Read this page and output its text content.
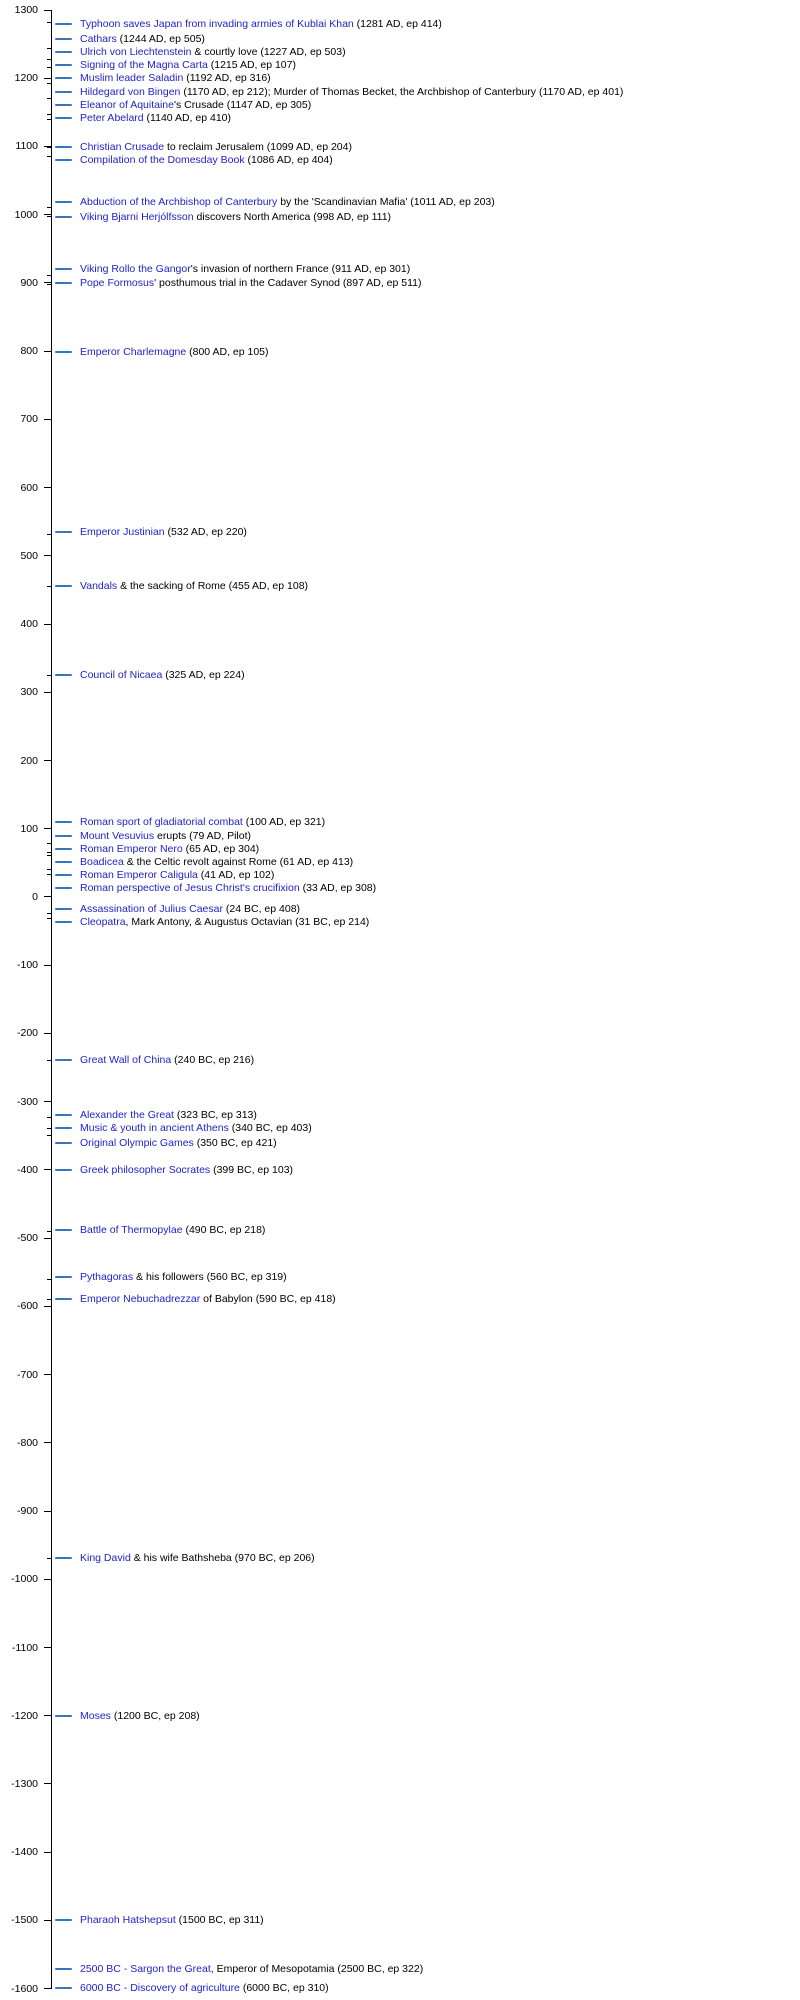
1300
1200
1100
1000
900
800
700
600
500
400
300
200
100
0
-100
-200
-300
-400
-500
-600
-700
-800
-900
-1000
-1100
-1200
-1300
-1400
-1500
-1600
Typhoon saves Japan from invading armies of Kublai Khan (1281 AD, ep 414)
Cathars (1244 AD, ep 505)
Ulrich von Liechtenstein & courtly love (1227 AD, ep 503)
Signing of the Magna Carta (1215 AD, ep 107)
Muslim leader Saladin (1192 AD, ep 316)
Hildegard von Bingen (1170 AD, ep 212); Murder of Thomas Becket, the Archbishop of Canterbury (1170 AD, ep 401)
Eleanor of Aquitaine's Crusade (1147 AD, ep 305)
Peter Abelard (1140 AD, ep 410)
Christian Crusade to reclaim Jerusalem (1099 AD, ep 204)
Compilation of the Domesday Book (1086 AD, ep 404)
Abduction of the Archbishop of Canterbury by the 'Scandinavian Mafia' (1011 AD, ep 203)
Viking Bjarni Herjólfsson discovers North America (998 AD, ep 111)
Viking Rollo the Gangor's invasion of northern France (911 AD, ep 301)
Pope Formosus' posthumous trial in the Cadaver Synod (897 AD, ep 511)
Emperor Charlemagne (800 AD, ep 105)
Emperor Justinian (532 AD, ep 220)
Vandals & the sacking of Rome (455 AD, ep 108)
Council of Nicaea (325 AD, ep 224)
Roman sport of gladiatorial combat (100 AD, ep 321)
Mount Vesuvius erupts (79 AD, Pilot)
Roman Emperor Nero (65 AD, ep 304)
Boadicea & the Celtic revolt against Rome (61 AD, ep 413)
Roman Emperor Caligula (41 AD, ep 102)
Roman perspective of Jesus Christ's crucifixion (33 AD, ep 308)
Assassination of Julius Caesar (24 BC, ep 408)
Cleopatra, Mark Antony, & Augustus Octavian (31 BC, ep 214)
Great Wall of China (240 BC, ep 216)
Alexander the Great (323 BC, ep 313)
Music & youth in ancient Athens (340 BC, ep 403)
Original Olympic Games (350 BC, ep 421)
Greek philosopher Socrates (399 BC, ep 103)
Battle of Thermopylae (490 BC, ep 218)
Pythagoras & his followers (560 BC, ep 319)
Emperor Nebuchadrezzar of Babylon (590 BC, ep 418)
King David & his wife Bathsheba (970 BC, ep 206)
Moses (1200 BC, ep 208)
Pharaoh Hatshepsut (1500 BC, ep 311)
2500 BC - Sargon the Great, Emperor of Mesopotamia (2500 BC, ep 322)
6000 BC - Discovery of agriculture (6000 BC, ep 310)
